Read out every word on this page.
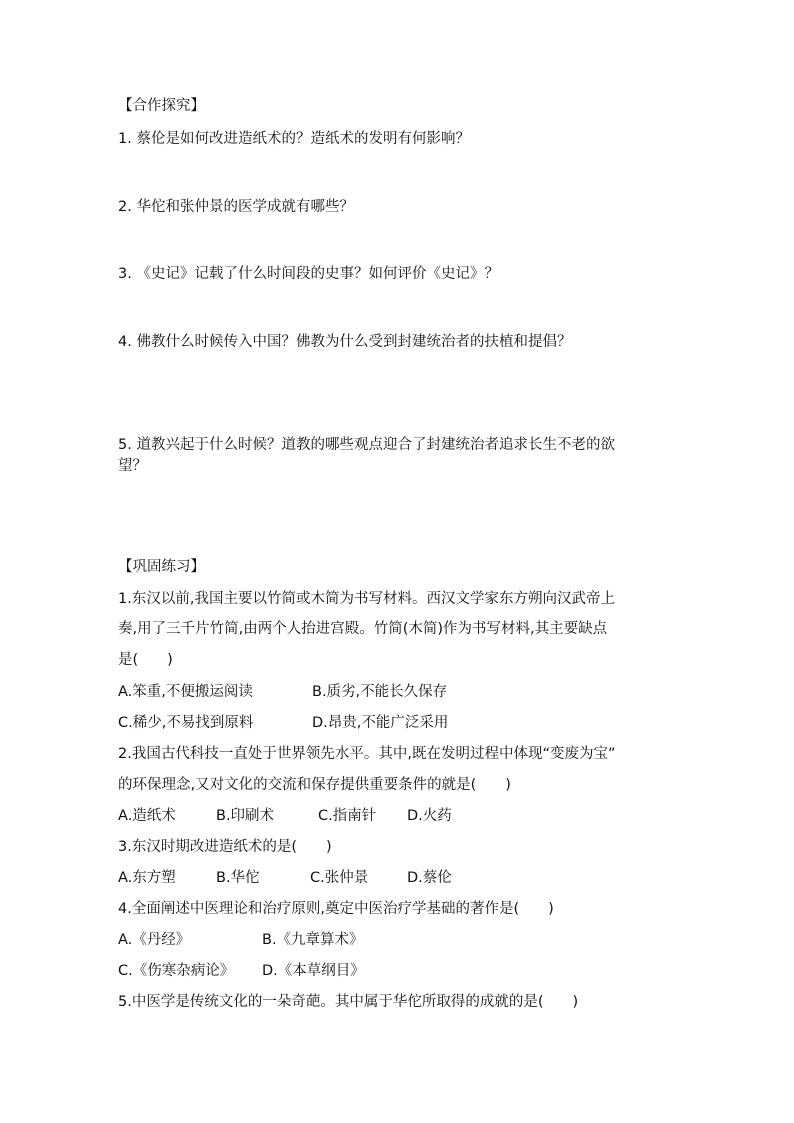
【合作探究】
1. 蔡伦是如何改进造纸术的？造纸术的发明有何影响？
2. 华佗和张仲景的医学成就有哪些？
3. 《史记》记载了什么时间段的史事？如何评价《史记》？
4. 佛教什么时候传入中国？佛教为什么受到封建统治者的扶植和提倡？
5. 道教兴起于什么时候？道教的哪些观点迎合了封建统治者追求长生不老的欲
望？
【巩固练习】
1.东汉以前,我国主要以竹简或木简为书写材料。西汉文学家东方朔向汉武帝上
奏,用了三千片竹简,由两个人抬进宫殿。竹简(木简)作为书写材料,其主要缺点
是(　　)
A.笨重,不便搬运阅读	B.质劣,不能长久保存
C.稀少,不易找到原料	D.昂贵,不能广泛采用
2.我国古代科技一直处于世界领先水平。其中,既在发明过程中体现“变废为宝”
的环保理念,又对文化的交流和保存提供重要条件的就是(　　)
A.造纸术	B.印刷术	C.指南针 D.火药
3.东汉时期改进造纸术的是(　　)
A.东方塑	B.华佗	C.张仲景	D.蔡伦
4.全面阐述中医理论和治疗原则,奠定中医治疗学基础的著作是(　　)
A.《丹经》	B.《九章算术》
C.《伤寒杂病论》 D.《本草纲目》
5.中医学是传统文化的一朵奇葩。其中属于华佗所取得的成就的是(　　)
